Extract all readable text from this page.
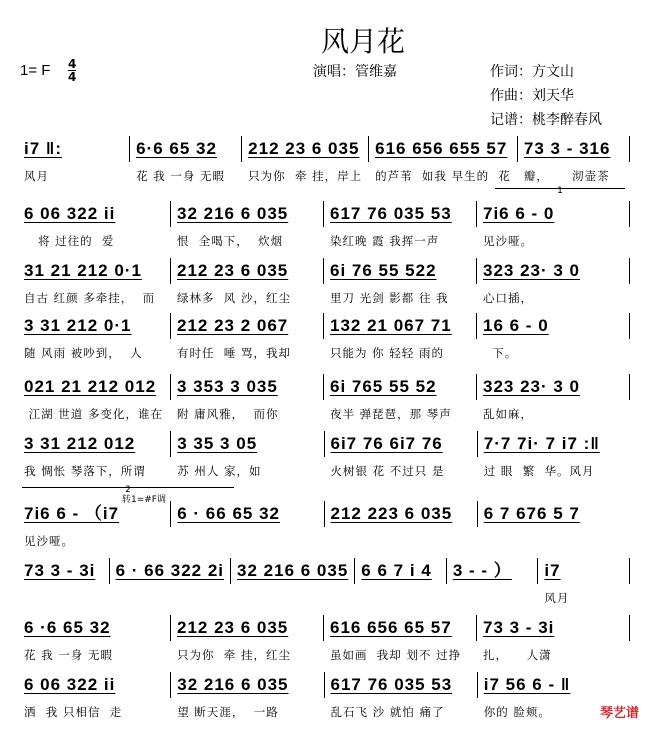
风月花
1= F $\frac{4}{4}$	演唱：管维嘉	作词：方文山
作曲：刘天华
记谱：桃李醉春风
1
2
转1=#F调
i7 ‖:
风月
6·6 65 32
花 我 一身 无暇
212 23 6 035
只为你  牵 挂，岸上
616 656 655 57
的芦苇  如我 早生的  花
73 3 - 316
瓣，     沏壶茶
6 06 322 ii
将 过往的  爱
32 216 6 035
恨  全喝下，  炊烟
617 76 035 53
染红晚 霞 我挥一声
7i6 6 - 0
见沙哑。
31 21 212 0·1
自古 红颜 多牵挂，  而
212 23 6 035
绿林多  风 沙，红尘
6i 76 55 522
里刀 光剑 影都 往 我
323 23· 3 0
心口插，
3 31 212 0·1
随 风雨 被吵到，  人
212 23 2 067
有时任  唾 骂，我却
132 21 067 71
只能为 你 轻轻 雨的
16 6 - 0
下。
021 21 212 012
江湖 世道 多变化，谁在
3 353 3 035
附 庸风雅，  而你
6i 765 55 52
夜半 弹琵琶，那 琴声
323 23· 3 0
乱如麻，
3 31 212 012
我 惆怅 琴落下，所谓
3 35 3 05
苏 州人 家，如
6i7 76 6i7 76
火树银 花 不过只 是
7·7 7i· 7 i7 :‖
过 眼  繁  华。风月
7i6 6 - （i7
见沙哑。
6 · 66 65 32	212 223 6 035	6 7 676 5 7
73 3 - 3i	6 · 66 322 2i 32 216 6 035 6 6 7 i 4	3 - - ）	i7
风月
6 ·6 65 32
花 我 一身 无暇
212 23 6 035
只为你  牵 挂，红尘
616 656 65 57
虽如画  我却 划不 过挣
73 3 - 3i
扎，    人潇
6 06 322 ii
洒  我 只相信  走
32 216 6 035
望 断天涯，  一路
617 76 035 53
乱石飞 沙 就怕 痛了
i7 56 6 - ‖
你的 脸颊。	琴艺谱
